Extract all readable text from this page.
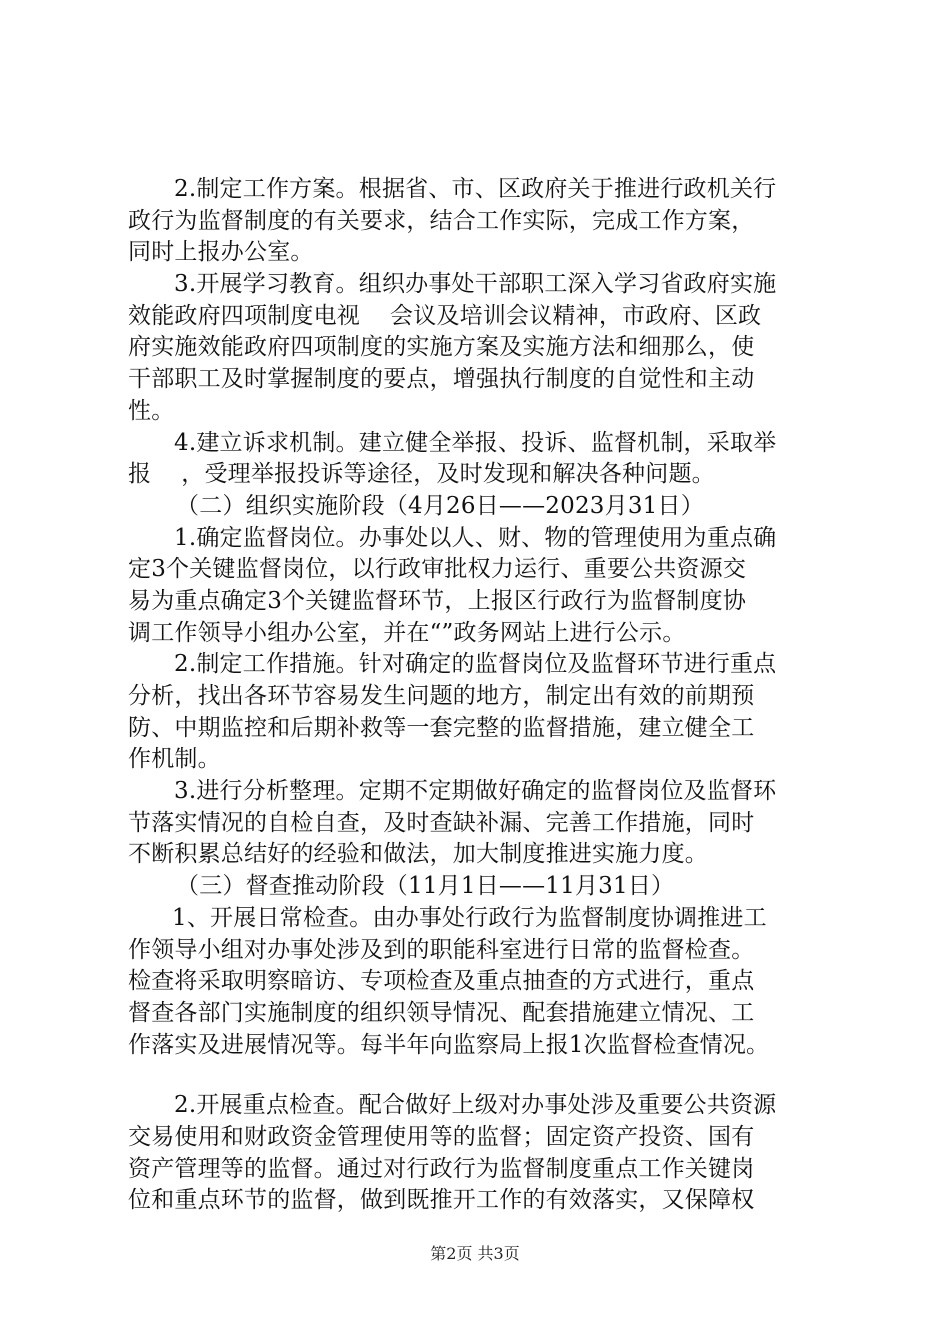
2.制定工作方案。根据省、市、区政府关于推进行政机关行
政行为监督制度的有关要求，结合工作实际，完成工作方案，
同时上报办公室。
3.开展学习教育。组织办事处干部职工深入学习省政府实施
效能政府四项制度电视    会议及培训会议精神，市政府、区政
府实施效能政府四项制度的实施方案及实施方法和细那么，使
干部职工及时掌握制度的要点，增强执行制度的自觉性和主动
性。
4.建立诉求机制。建立健全举报、投诉、监督机制，采取举
报    ，受理举报投诉等途径，及时发现和解决各种问题。
（二）组织实施阶段（4月26日——2023月31日）
1.确定监督岗位。办事处以人、财、物的管理使用为重点确
定3个关键监督岗位，以行政审批权力运行、重要公共资源交
易为重点确定3个关键监督环节，上报区行政行为监督制度协
调工作领导小组办公室，并在“”政务网站上进行公示。
2.制定工作措施。针对确定的监督岗位及监督环节进行重点
分析，找出各环节容易发生问题的地方，制定出有效的前期预
防、中期监控和后期补救等一套完整的监督措施，建立健全工
作机制。
3.进行分析整理。定期不定期做好确定的监督岗位及监督环
节落实情况的自检自查，及时查缺补漏、完善工作措施，同时
不断积累总结好的经验和做法，加大制度推进实施力度。
（三）督查推动阶段（11月1日——11月31日）
1、开展日常检查。由办事处行政行为监督制度协调推进工
作领导小组对办事处涉及到的职能科室进行日常的监督检查。
检查将采取明察暗访、专项检查及重点抽查的方式进行，重点
督查各部门实施制度的组织领导情况、配套措施建立情况、工
作落实及进展情况等。每半年向监察局上报1次监督检查情况。
2.开展重点检查。配合做好上级对办事处涉及重要公共资源
交易使用和财政资金管理使用等的监督；固定资产投资、国有
资产管理等的监督。通过对行政行为监督制度重点工作关键岗
位和重点环节的监督，做到既推开工作的有效落实，又保障权
第2页 共3页
